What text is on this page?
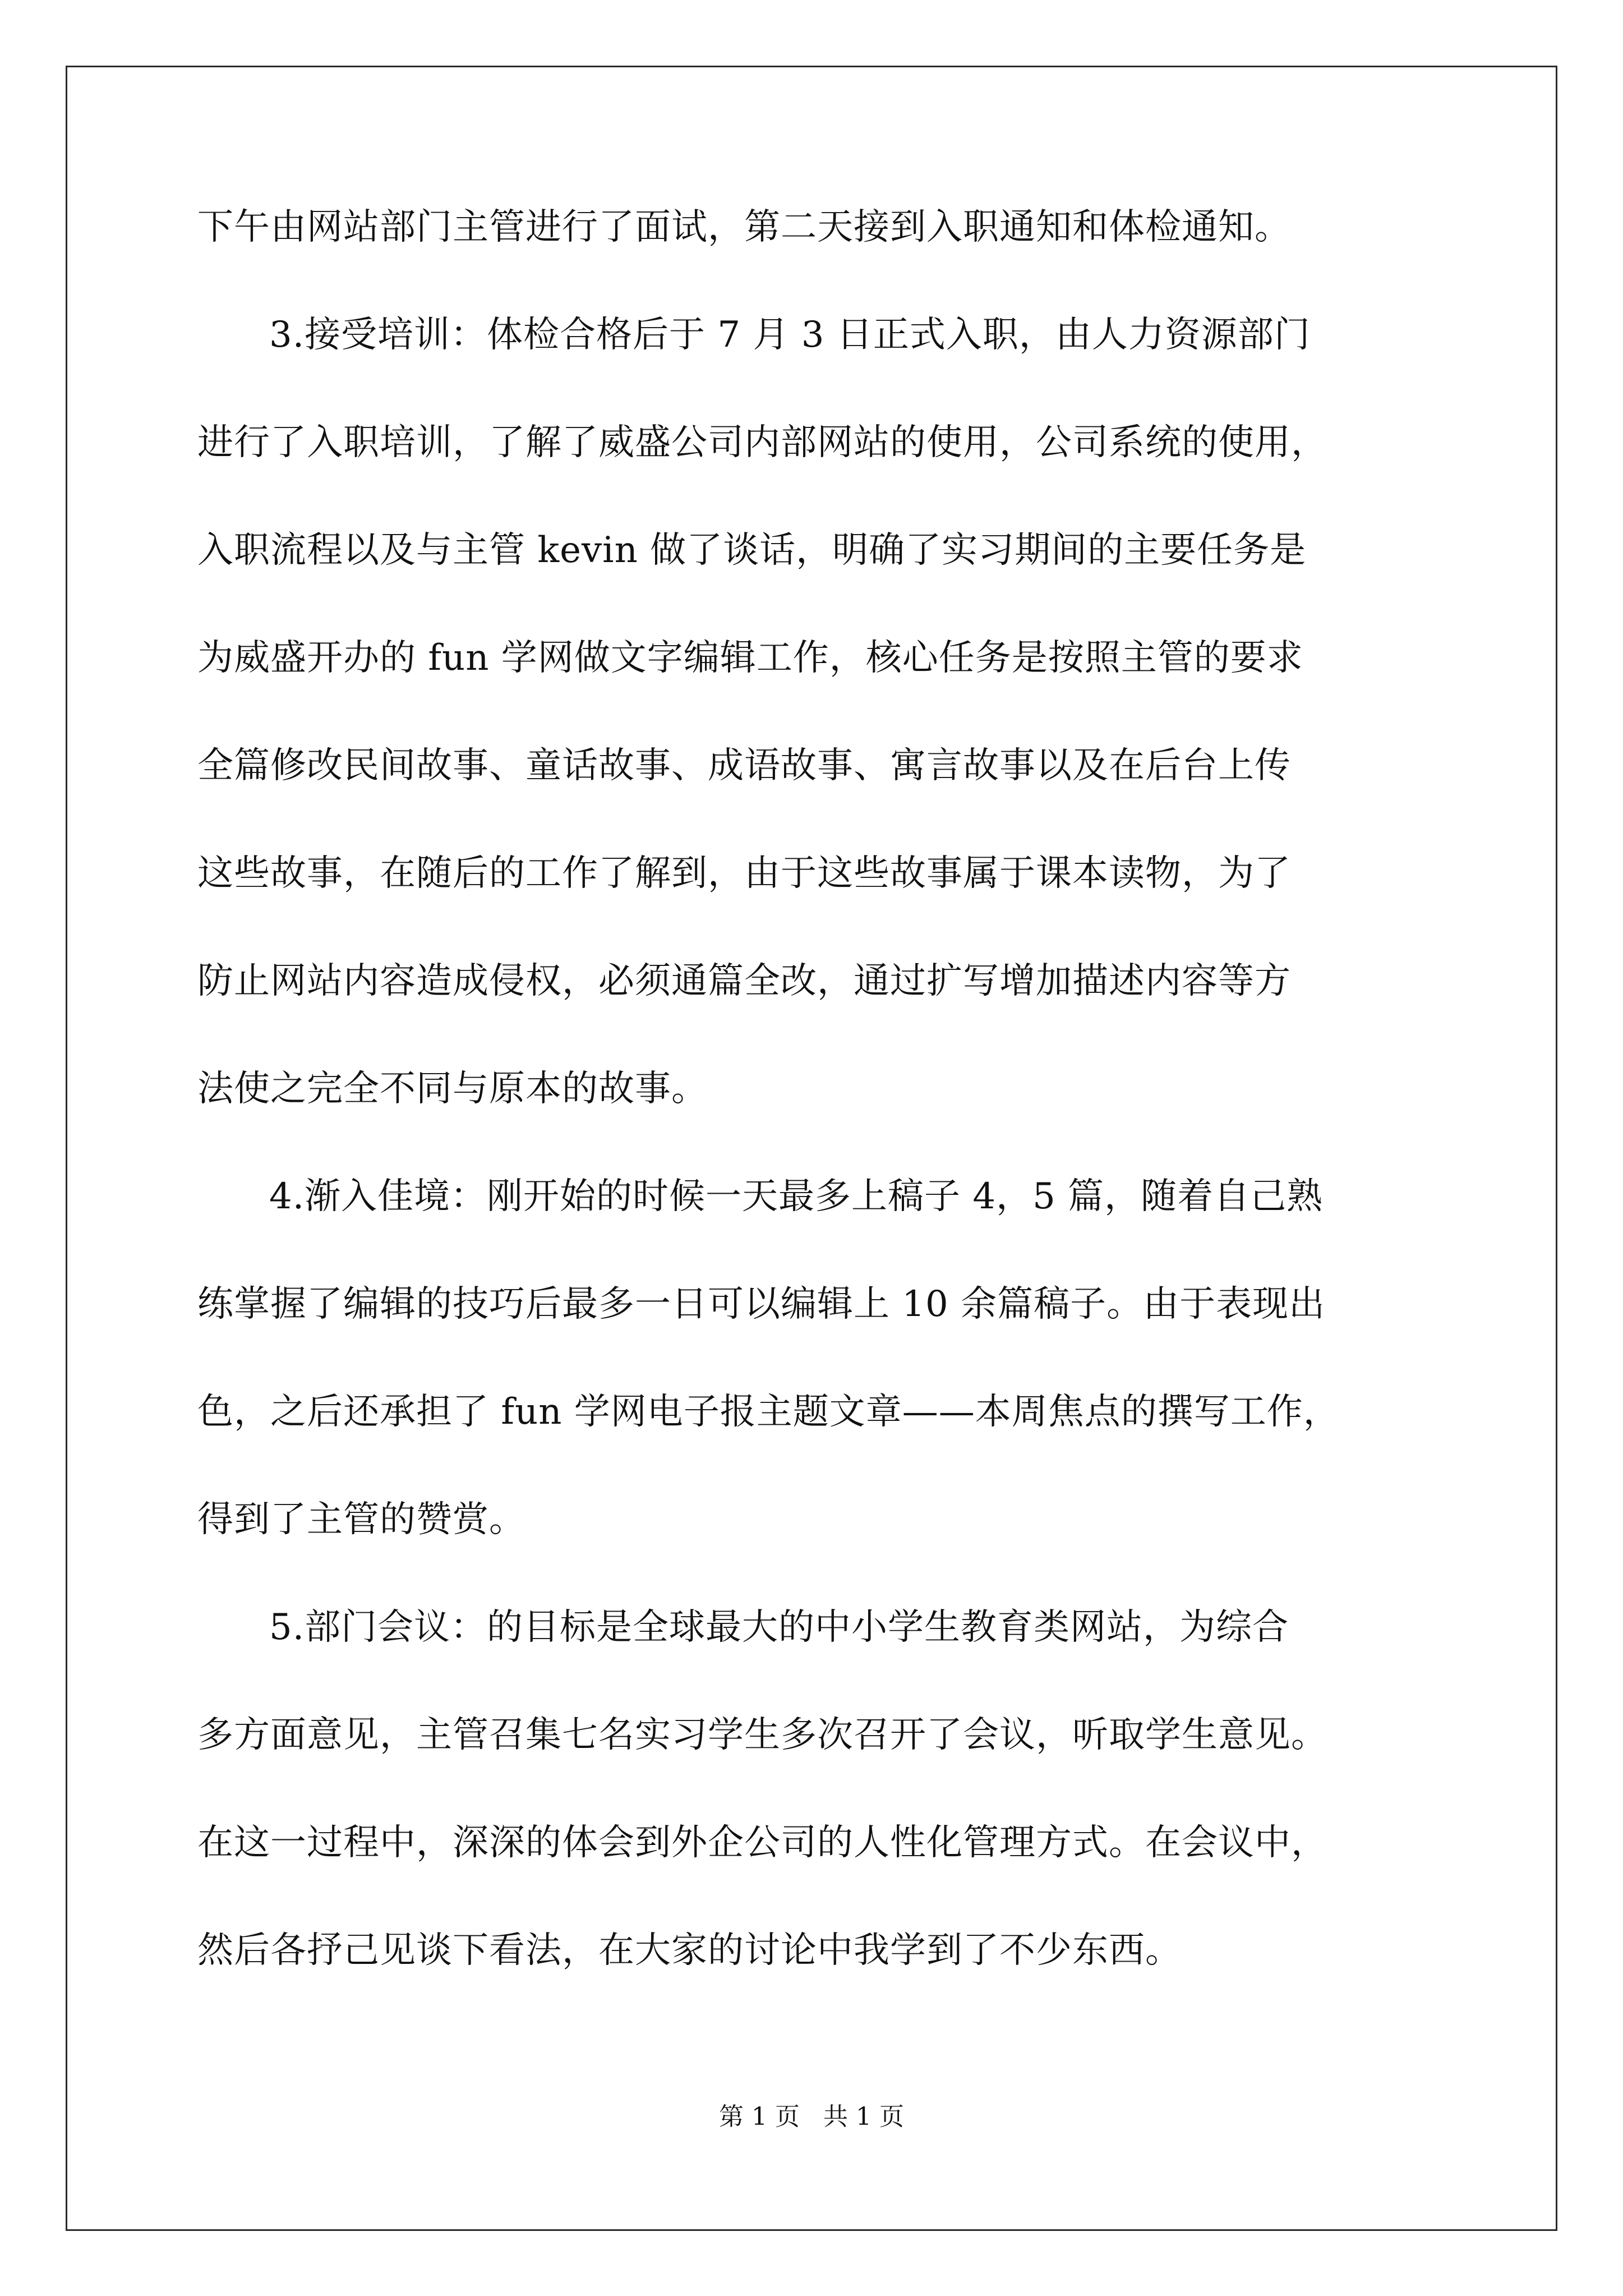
下午由网站部门主管进行了面试，第二天接到入职通知和体检通知。
3.接受培训：体检合格后于 7 月 3 日正式入职，由人力资源部门
进行了入职培训，了解了威盛公司内部网站的使用，公司系统的使用，
入职流程以及与主管 kevin 做了谈话，明确了实习期间的主要任务是
为威盛开办的 fun 学网做文字编辑工作，核心任务是按照主管的要求
全篇修改民间故事、童话故事、成语故事、寓言故事以及在后台上传
这些故事，在随后的工作了解到，由于这些故事属于课本读物，为了
防止网站内容造成侵权，必须通篇全改，通过扩写增加描述内容等方
法使之完全不同与原本的故事。
4.渐入佳境：刚开始的时候一天最多上稿子 4，5 篇，随着自己熟
练掌握了编辑的技巧后最多一日可以编辑上 10 余篇稿子。由于表现出
色，之后还承担了 fun 学网电子报主题文章——本周焦点的撰写工作，
得到了主管的赞赏。
5.部门会议：的目标是全球最大的中小学生教育类网站，为综合
多方面意见，主管召集七名实习学生多次召开了会议，听取学生意见。
在这一过程中，深深的体会到外企公司的人性化管理方式。在会议中，
然后各抒己见谈下看法，在大家的讨论中我学到了不少东西。
第 1 页   共 1 页
